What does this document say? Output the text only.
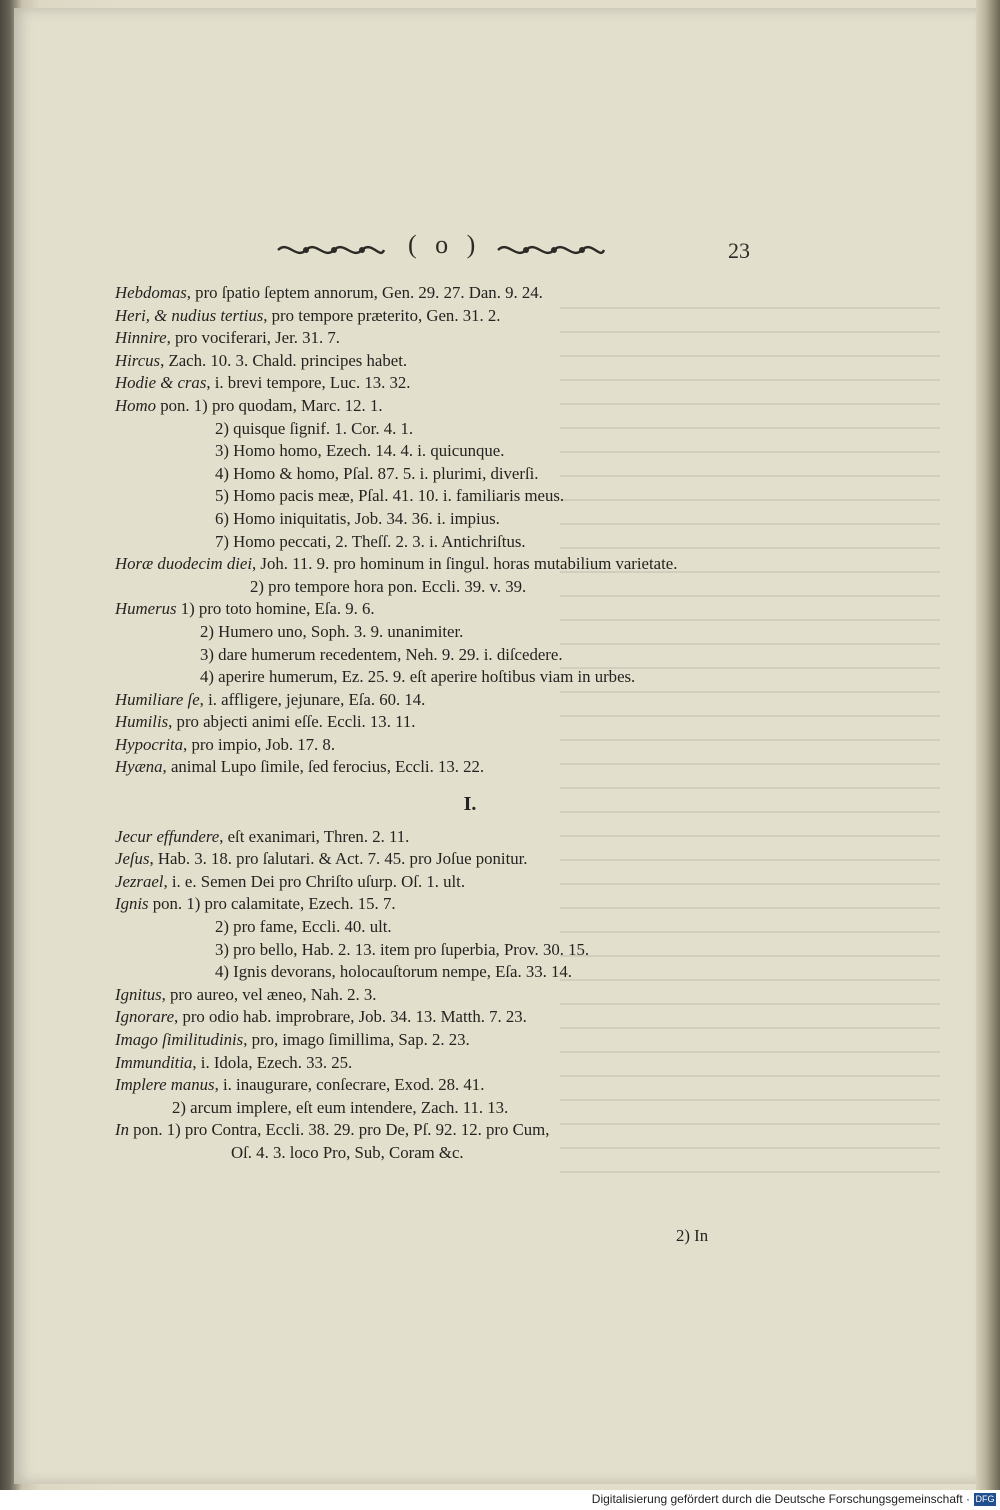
( o )	23
Hebdomas, pro ſpatio ſeptem annorum, Gen. 29. 27. Dan. 9. 24.
Heri, & nudius tertius, pro tempore præterito, Gen. 31. 2.
Hinnire, pro vociferari, Jer. 31. 7.
Hircus, Zach. 10. 3. Chald. principes habet.
Hodie & cras, i. brevi tempore, Luc. 13. 32.
Homo pon. 1) pro quodam, Marc. 12. 1.
2) quisque ſignif. 1. Cor. 4. 1.
3) Homo homo, Ezech. 14. 4. i. quicunque.
4) Homo & homo, Pſal. 87. 5. i. plurimi, diverſi.
5) Homo pacis meæ, Pſal. 41. 10. i. familiaris meus.
6) Homo iniquitatis, Job. 34. 36. i. impius.
7) Homo peccati, 2. Theſſ. 2. 3. i. Antichriſtus.
Horæ duodecim diei, Joh. 11. 9. pro hominum in ſingul. horas mutabilium varietate.
2) pro tempore hora pon. Eccli. 39. v. 39.
Humerus 1) pro toto homine, Eſa. 9. 6.
2) Humero uno, Soph. 3. 9. unanimiter.
3) dare humerum recedentem, Neh. 9. 29. i. diſcedere.
4) aperire humerum, Ez. 25. 9. eſt aperire hoſtibus viam in urbes.
Humiliare ſe, i. affligere, jejunare, Eſa. 60. 14.
Humilis, pro abjecti animi eſſe. Eccli. 13. 11.
Hypocrita, pro impio, Job. 17. 8.
Hyæna, animal Lupo ſimile, ſed ferocius, Eccli. 13. 22.
I.
Jecur effundere, eſt exanimari, Thren. 2. 11.
Jeſus, Hab. 3. 18. pro ſalutari. & Act. 7. 45. pro Joſue ponitur.
Jezrael, i. e. Semen Dei pro Chriſto uſurp. Oſ. 1. ult.
Ignis pon. 1) pro calamitate, Ezech. 15. 7.
2) pro fame, Eccli. 40. ult.
3) pro bello, Hab. 2. 13. item pro ſuperbia, Prov. 30. 15.
4) Ignis devorans, holocauſtorum nempe, Eſa. 33. 14.
Ignitus, pro aureo, vel æneo, Nah. 2. 3.
Ignorare, pro odio hab. improbrare, Job. 34. 13. Matth. 7. 23.
Imago ſimilitudinis, pro, imago ſimillima, Sap. 2. 23.
Immunditia, i. Idola, Ezech. 33. 25.
Implere manus, i. inaugurare, conſecrare, Exod. 28. 41.
2) arcum implere, eſt eum intendere, Zach. 11. 13.
In pon. 1) pro Contra, Eccli. 38. 29. pro De, Pſ. 92. 12. pro Cum,
Oſ. 4. 3. loco Pro, Sub, Coram &c.
2) In
Digitalisierung gefördert durch die Deutsche Forschungsgemeinschaft · DFG
